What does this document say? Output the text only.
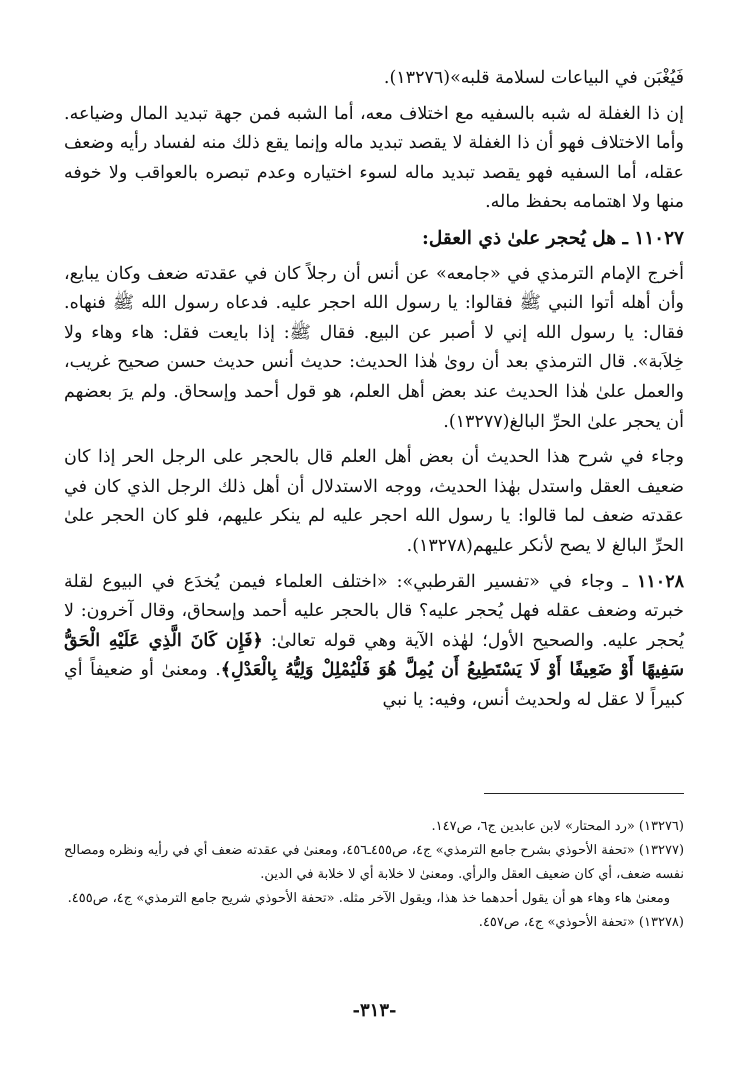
فَيُغْبَن في البياعات لسلامة قلبه»(١٣٢٧٦).

إن ذا الغفلة له شبه بالسفيه مع اختلاف معه، أما الشبه فمن جهة تبديد المال وضياعه. وأما الاختلاف فهو أن ذا الغفلة لا يقصد تبديد ماله وإنما يقع ذلك منه لفساد رأيه وضعف عقله، أما السفيه فهو يقصد تبديد ماله لسوء اختياره وعدم تبصره بالعواقب ولا خوفه منها ولا اهتمامه بحفظ ماله.

١١٠٢٧ ـ هل يُحجر علىٰ ذي العقل:

أخرج الإمام الترمذي في «جامعه» عن أنس أن رجلاً كان في عقدته ضعف وكان يبايع، وأن أهله أتوا النبي ﷺ فقالوا: يا رسول الله احجر عليه. فدعاه رسول الله ﷺ فنهاه. فقال: يا رسول الله إني لا أصبر عن البيع. فقال ﷺ: إذا بايعت فقل: هاء وهاء ولا خِلاَبة». قال الترمذي بعد أن روىٰ هٰذا الحديث: حديث أنس حديث حسن صحيح غريب، والعمل علىٰ هٰذا الحديث عند بعض أهل العلم، هو قول أحمد وإسحاق. ولم يرَ بعضهم أن يحجر علىٰ الحرِّ البالغ(١٣٢٧٧).

وجاء في شرح هذا الحديث أن بعض أهل العلم قال بالحجر على الرجل الحر إذا كان ضعيف العقل واستدل بهٰذا الحديث، ووجه الاستدلال أن أهل ذلك الرجل الذي كان في عقدته ضعف لما قالوا: يا رسول الله احجر عليه لم ينكر عليهم، فلو كان الحجر علىٰ الحرِّ البالغ لا يصح لأنكر عليهم(١٣٢٧٨).

١١٠٢٨ ـ وجاء في «تفسير القرطبي»: «اختلف العلماء فيمن يُخدَع في البيوع لقلة خبرته وضعف عقله فهل يُحجر عليه؟ قال بالحجر عليه أحمد وإسحاق، وقال آخرون: لا يُحجر عليه. والصحيح الأول؛ لهٰذه الآية وهي قوله تعالىٰ: ﴿فَإِن كَانَ الَّذِي عَلَيْهِ الْحَقُّ سَفِيهًا أَوْ ضَعِيفًا أَوْ لَا يَسْتَطِيعُ أَن يُمِلَّ هُوَ فَلْيُمْلِلْ وَلِيُّهُ بِالْعَدْلِ﴾. ومعنىٰ أو ضعيفاً أي كبيراً لا عقل له ولحديث أنس، وفيه: يا نبي

(١٣٢٧٦) «رد المحتار» لابن عابدين ج٦، ص١٤٧.

(١٣٢٧٧) «تحفة الأحوذي بشرح جامع الترمذي» ج٤، ص٤٥٥ـ٤٥٦، ومعنىٰ في عقدته ضعف أي في رأيه ونظره ومصالح نفسه ضعف، أي كان ضعيف العقل والرأي. ومعنىٰ لا خلابة أي لا خلابة في الدين.

ومعنىٰ هاء وهاء هو أن يقول أحدهما خذ هذا، ويقول الآخر مثله. «تحفة الأحوذي شريح جامع الترمذي» ج٤، ص٤٥٥.

(١٣٢٧٨) «تحفة الأحوذي» ج٤، ص٤٥٧.

-٣١٣-
